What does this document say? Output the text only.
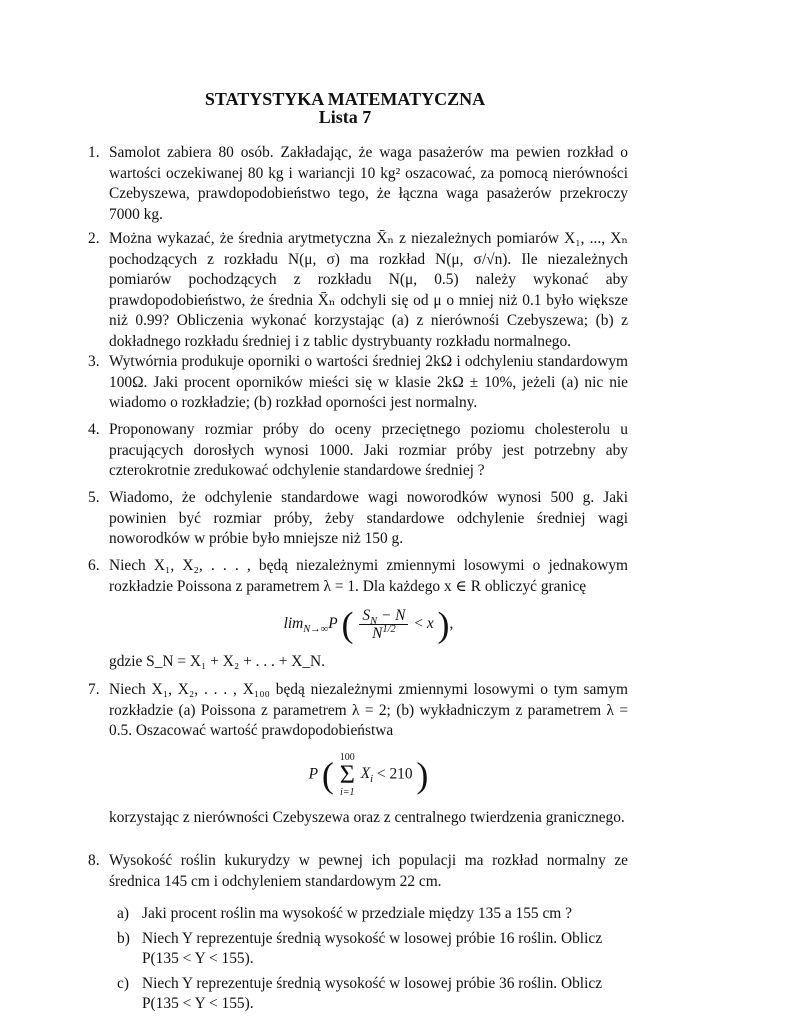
STATYSTYKA MATEMATYCZNA
Lista 7
1. Samolot zabiera 80 osób. Zakładając, że waga pasażerów ma pewien rozkład o wartości oczekiwanej 80 kg i wariancji 10 kg² oszacować, za pomocą nierówności Czebyszewa, prawdopodobieństwo tego, że łączna waga pasażerów przekroczy 7000 kg.

2. Można wykazać, że średnia arytmetyczna X̄ₙ z niezależnych pomiarów X₁, ..., Xₙ pochodzących z rozkładu N(μ, σ) ma rozkład N(μ, σ/√n). Ile niezależnych pomiarów pochodzących z rozkładu N(μ, 0.5) należy wykonać aby prawdopodobieństwo, że średnia X̄ₙ odchyli się od μ o mniej niż 0.1 było większe niż 0.99? Obliczenia wykonać korzystając (a) z nierównośi Czebyszewa; (b) z dokładnego rozkładu średniej i z tablic dystrybuanty rozkładu normalnego.

3. Wytwórnia produkuje oporniki o wartości średniej 2kΩ i odchyleniu standardowym 100Ω. Jaki procent oporników mieści się w klasie 2kΩ ± 10%, jeżeli (a) nic nie wiadomo o rozkładzie; (b) rozkład oporności jest normalny.

4. Proponowany rozmiar próby do oceny przeciętnego poziomu cholesterolu u pracujących dorosłych wynosi 1000. Jaki rozmiar próby jest potrzebny aby czterokrotnie zredukować odchylenie standardowe średniej ?

5. Wiadomo, że odchylenie standardowe wagi noworodków wynosi 500 g. Jaki powinien być rozmiar próby, żeby standardowe odchylenie średniej wagi noworodków w próbie było mniejsze niż 150 g.

6. Niech X₁, X₂, . . . , będą niezależnymi zmiennymi losowymi o jednakowym rozkładzie Poissona z parametrem λ = 1. Dla każdego x ∈ R obliczyć granicę

$\lim_{N\to\infty}P$ ( $\frac{S_N - N}{N^{1/2}} < x$ ),

gdzie S_N = X₁ + X₂ + . . . + X_N.

7. Niech X₁, X₂, . . . , X₁₀₀ będą niezależnymi zmiennymi losowymi o tym samym rozkładzie (a) Poissona z parametrem λ = 2; (b) wykładniczym z parametrem λ = 0.5. Oszacować wartość prawdopodobieństwa

P ( 100
Σ
i=1
$X_i < 210$ )

korzystając z nierówności Czebyszewa oraz z centralnego twierdzenia granicznego.

8. Wysokość roślin kukurydzy w pewnej ich populacji ma rozkład normalny ze średnica 145 cm i odchyleniem standardowym 22 cm.

a) Jaki procent roślin ma wysokość w przedziale między 135 a 155 cm ?
b) Niech Y reprezentuje średnią wysokość w losowej próbie 16 roślin. Oblicz P(135 < Y < 155).
c) Niech Y reprezentuje średnią wysokość w losowej próbie 36 roślin. Oblicz P(135 < Y < 155).
